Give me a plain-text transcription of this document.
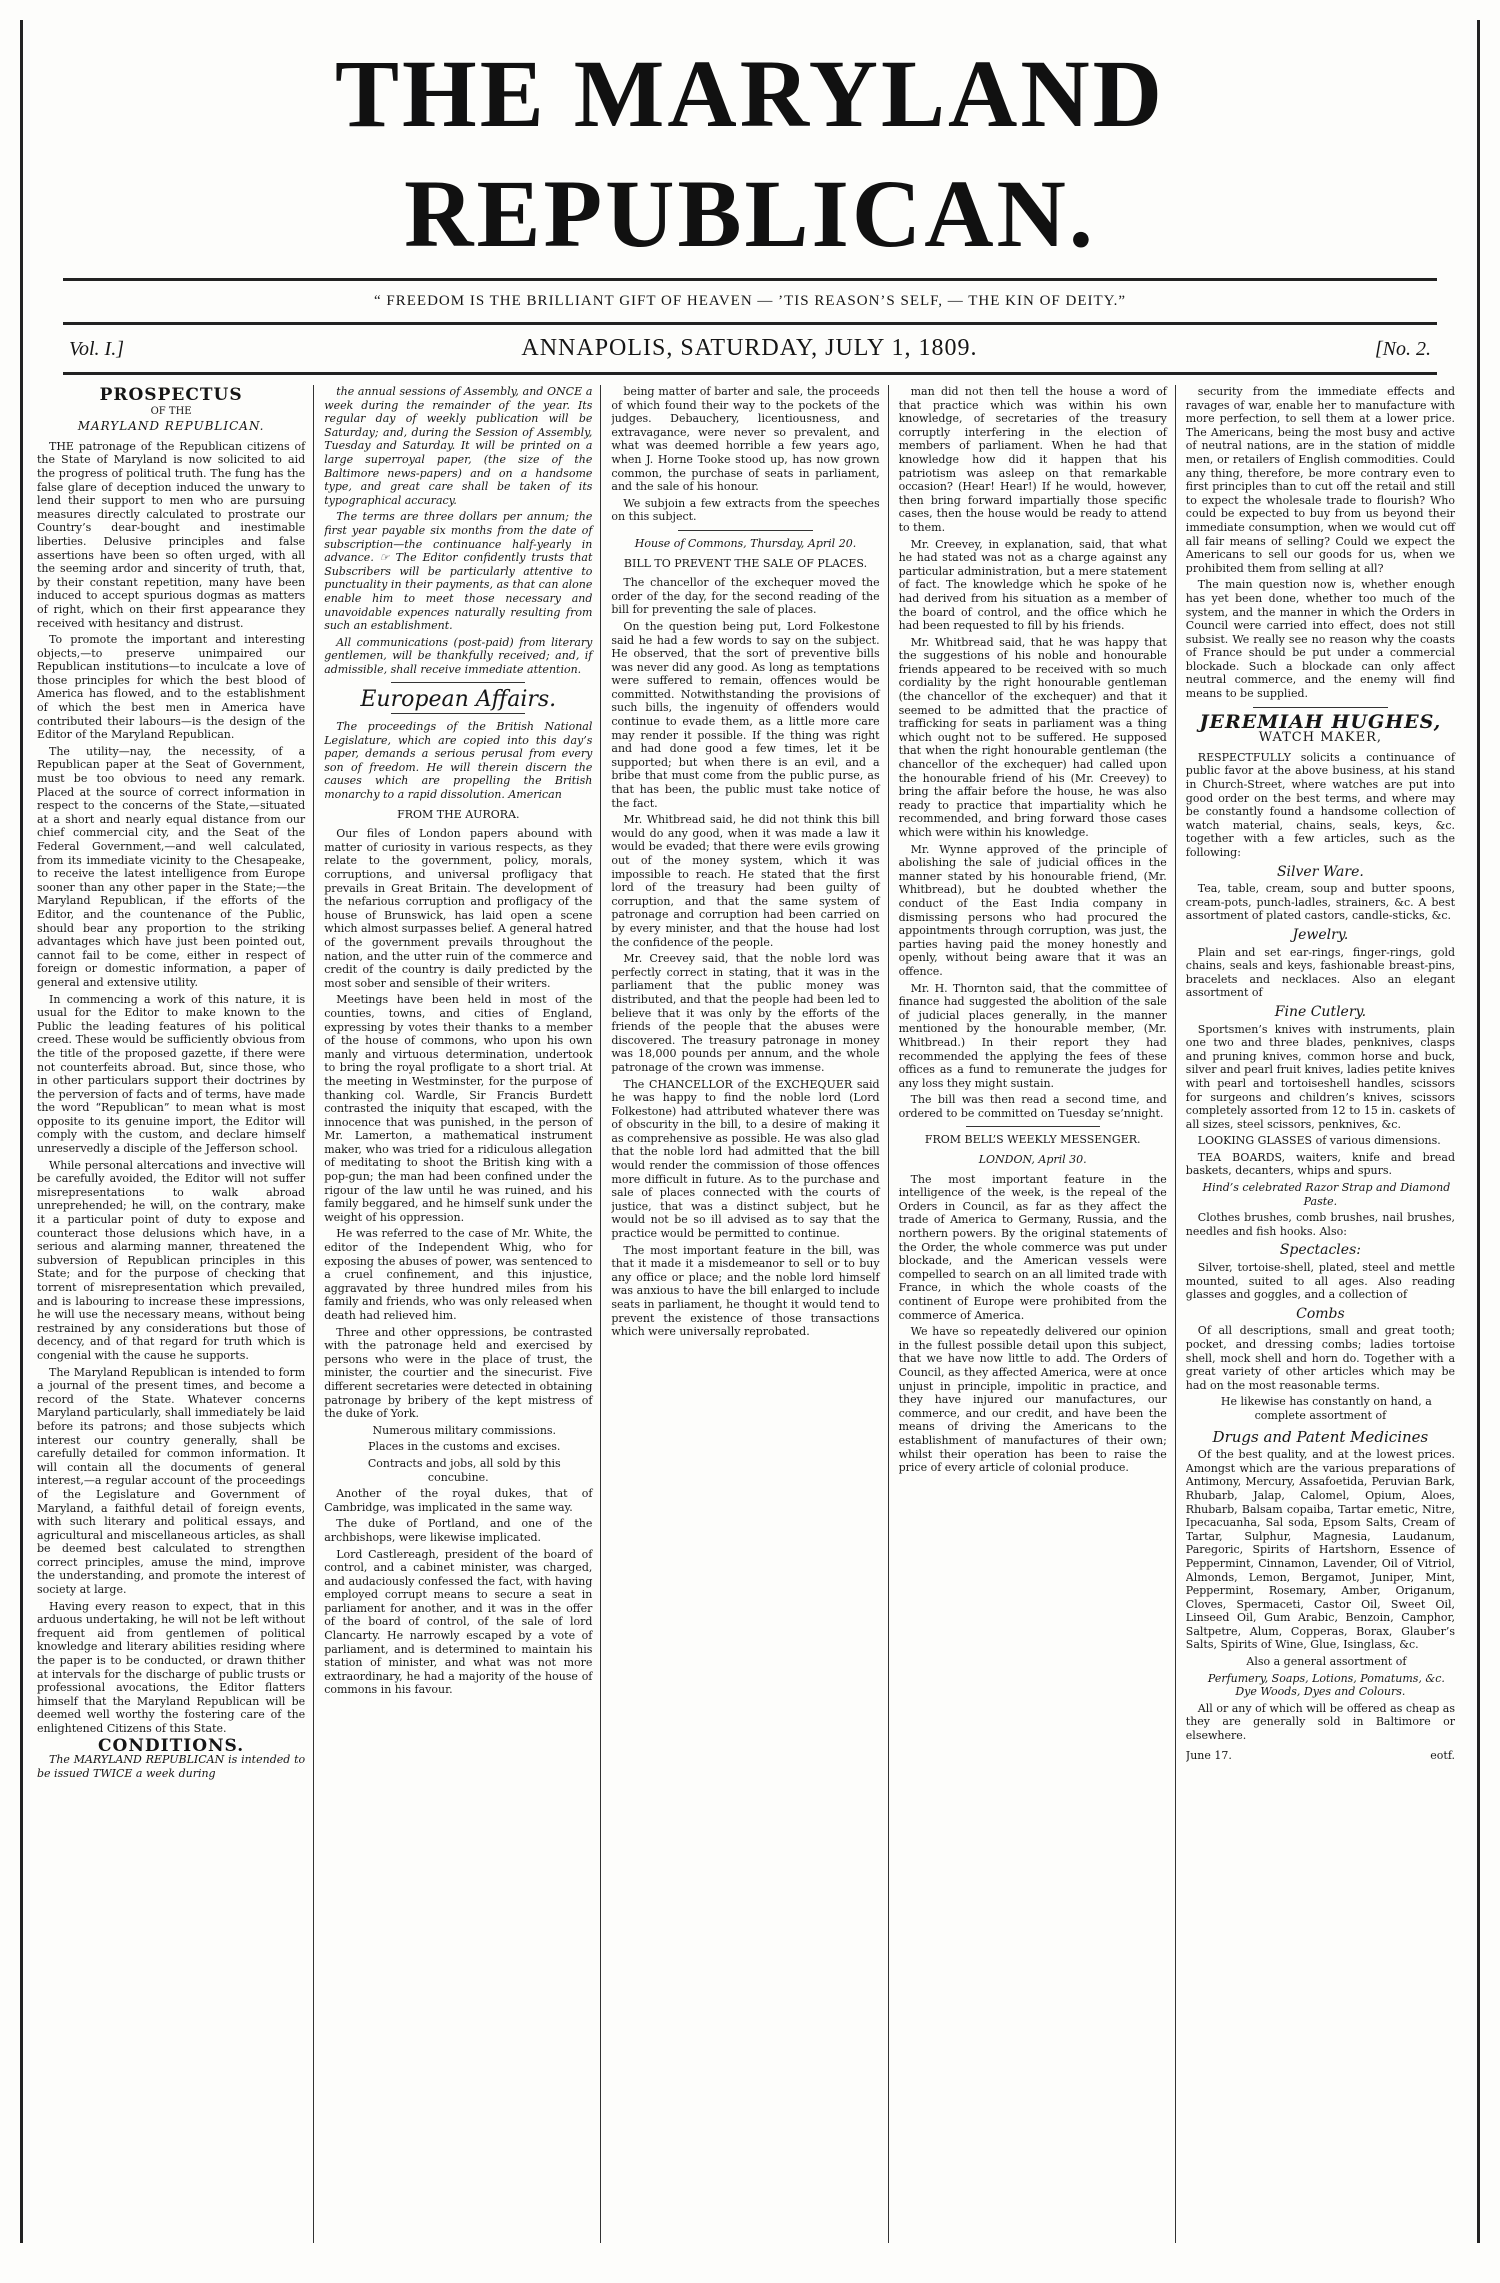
THE MARYLAND REPUBLICAN.
“ FREEDOM IS THE BRILLIANT GIFT OF HEAVEN — ’TIS REASON’S SELF, — THE KIN OF DEITY.”
Vol. I.]	ANNAPOLIS, SATURDAY, JULY 1, 1809.	[No. 2.
PROSPECTUS
OF THE
MARYLAND REPUBLICAN.

THE patronage of the Republican citizens of the State of Maryland is now solicited to aid the progress of political truth. The fung has the false glare of deception induced the unwary to lend their support to men who are pursuing measures directly calculated to prostrate our Country’s dear-bought and inestimable liberties. Delusive principles and false assertions have been so often urged, with all the seeming ardor and sincerity of truth, that, by their constant repetition, many have been induced to accept spurious dogmas as matters of right, which on their first appearance they received with hesitancy and distrust.

To promote the important and interesting objects,—to preserve unimpaired our Republican institutions—to inculcate a love of those principles for which the best blood of America has flowed, and to the establishment of which the best men in America have contributed their labours—is the design of the Editor of the Maryland Republican.

The utility—nay, the necessity, of a Republican paper at the Seat of Government, must be too obvious to need any remark. Placed at the source of correct information in respect to the concerns of the State,—situated at a short and nearly equal distance from our chief commercial city, and the Seat of the Federal Government,—and well calculated, from its immediate vicinity to the Chesapeake, to receive the latest intelligence from Europe sooner than any other paper in the State;—the Maryland Republican, if the efforts of the Editor, and the countenance of the Public, should bear any proportion to the striking advantages which have just been pointed out, cannot fail to be come, either in respect of foreign or domestic information, a paper of general and extensive utility.

In commencing a work of this nature, it is usual for the Editor to make known to the Public the leading features of his political creed. These would be sufficiently obvious from the title of the proposed gazette, if there were not counterfeits abroad. But, since those, who in other particulars support their doctrines by the perversion of facts and of terms, have made the word “Republican” to mean what is most opposite to its genuine import, the Editor will comply with the custom, and declare himself unreservedly a disciple of the Jefferson school.

While personal altercations and invective will be carefully avoided, the Editor will not suffer misrepresentations to walk abroad unreprehended; he will, on the contrary, make it a particular point of duty to expose and counteract those delusions which have, in a serious and alarming manner, threatened the subversion of Republican principles in this State; and for the purpose of checking that torrent of misrepresentation which prevailed, and is labouring to increase these impressions, he will use the necessary means, without being restrained by any considerations but those of decency, and of that regard for truth which is congenial with the cause he supports.

The Maryland Republican is intended to form a journal of the present times, and become a record of the State. Whatever concerns Maryland particularly, shall immediately be laid before its patrons; and those subjects which interest our country generally, shall be carefully detailed for common information. It will contain all the documents of general interest,—a regular account of the proceedings of the Legislature and Government of Maryland, a faithful detail of foreign events, with such literary and political essays, and agricultural and miscellaneous articles, as shall be deemed best calculated to strengthen correct principles, amuse the mind, improve the understanding, and promote the interest of society at large.

Having every reason to expect, that in this arduous undertaking, he will not be left without frequent aid from gentlemen of political knowledge and literary abilities residing where the paper is to be conducted, or drawn thither at intervals for the discharge of public trusts or professional avocations, the Editor flatters himself that the Maryland Republican will be deemed well worthy the fostering care of the enlightened Citizens of this State.

CONDITIONS.

The MARYLAND REPUBLICAN is intended to be issued TWICE a week during

the annual sessions of Assembly, and ONCE a week during the remainder of the year. Its regular day of weekly publication will be Saturday; and, during the Session of Assembly, Tuesday and Saturday. It will be printed on a large superroyal paper, (the size of the Baltimore news-papers) and on a handsome type, and great care shall be taken of its typographical accuracy.

The terms are three dollars per annum; the first year payable six months from the date of subscription—the continuance half-yearly in advance. ☞ The Editor confidently trusts that Subscribers will be particularly attentive to punctuality in their payments, as that can alone enable him to meet those necessary and unavoidable expences naturally resulting from such an establishment.

All communications (post-paid) from literary gentlemen, will be thankfully received; and, if admissible, shall receive immediate attention.

European Affairs.

The proceedings of the British National Legislature, which are copied into this day’s paper, demands a serious perusal from every son of freedom. He will therein discern the causes which are propelling the British monarchy to a rapid dissolution. American

FROM THE AURORA.

Our files of London papers abound with matter of curiosity in various respects, as they relate to the government, policy, morals, corruptions, and universal profligacy that prevails in Great Britain. The development of the nefarious corruption and profligacy of the house of Brunswick, has laid open a scene which almost surpasses belief. A general hatred of the government prevails throughout the nation, and the utter ruin of the commerce and credit of the country is daily predicted by the most sober and sensible of their writers.

Meetings have been held in most of the counties, towns, and cities of England, expressing by votes their thanks to a member of the house of commons, who upon his own manly and virtuous determination, undertook to bring the royal profligate to a short trial. At the meeting in Westminster, for the purpose of thanking col. Wardle, Sir Francis Burdett contrasted the iniquity that escaped, with the innocence that was punished, in the person of Mr. Lamerton, a mathematical instrument maker, who was tried for a ridiculous allegation of meditating to shoot the British king with a pop-gun; the man had been confined under the rigour of the law until he was ruined, and his family beggared, and he himself sunk under the weight of his oppression.

He was referred to the case of Mr. White, the editor of the Independent Whig, who for exposing the abuses of power, was sentenced to a cruel confinement, and this injustice, aggravated by three hundred miles from his family and friends, who was only released when death had relieved him.

Three and other oppressions, be contrasted with the patronage held and exercised by persons who were in the place of trust, the minister, the courtier and the sinecurist. Five different secretaries were detected in obtaining patronage by bribery of the kept mistress of the duke of York.

Numerous military commissions.

Places in the customs and excises.

Contracts and jobs, all sold by this concubine.

Another of the royal dukes, that of Cambridge, was implicated in the same way.

The duke of Portland, and one of the archbishops, were likewise implicated.

Lord Castlereagh, president of the board of control, and a cabinet minister, was charged, and audaciously confessed the fact, with having employed corrupt means to secure a seat in parliament for another, and it was in the offer of the board of control, of the sale of lord Clancarty. He narrowly escaped by a vote of parliament, and is determined to maintain his station of minister, and what was not more extraordinary, he had a majority of the house of commons in his favour.

being matter of barter and sale, the proceeds of which found their way to the pockets of the judges. Debauchery, licentiousness, and extravagance, were never so prevalent, and what was deemed horrible a few years ago, when J. Horne Tooke stood up, has now grown common, the purchase of seats in parliament, and the sale of his honour.

We subjoin a few extracts from the speeches on this subject.

House of Commons, Thursday, April 20.
BILL TO PREVENT THE SALE OF PLACES.

The chancellor of the exchequer moved the order of the day, for the second reading of the bill for preventing the sale of places.

On the question being put, Lord Folkestone said he had a few words to say on the subject. He observed, that the sort of preventive bills was never did any good. As long as temptations were suffered to remain, offences would be committed. Notwithstanding the provisions of such bills, the ingenuity of offenders would continue to evade them, as a little more care may render it possible. If the thing was right and had done good a few times, let it be supported; but when there is an evil, and a bribe that must come from the public purse, as that has been, the public must take notice of the fact.

Mr. Whitbread said, he did not think this bill would do any good, when it was made a law it would be evaded; that there were evils growing out of the money system, which it was impossible to reach. He stated that the first lord of the treasury had been guilty of corruption, and that the same system of patronage and corruption had been carried on by every minister, and that the house had lost the confidence of the people.

Mr. Creevey said, that the noble lord was perfectly correct in stating, that it was in the parliament that the public money was distributed, and that the people had been led to believe that it was only by the efforts of the friends of the people that the abuses were discovered. The treasury patronage in money was 18,000 pounds per annum, and the whole patronage of the crown was immense.

The CHANCELLOR of the EXCHEQUER said he was happy to find the noble lord (Lord Folkestone) had attributed whatever there was of obscurity in the bill, to a desire of making it as comprehensive as possible. He was also glad that the noble lord had admitted that the bill would render the commission of those offences more difficult in future. As to the purchase and sale of places connected with the courts of justice, that was a distinct subject, but he would not be so ill advised as to say that the practice would be permitted to continue.

The most important feature in the bill, was that it made it a misdemeanor to sell or to buy any office or place; and the noble lord himself was anxious to have the bill enlarged to include seats in parliament, he thought it would tend to prevent the existence of those transactions which were universally reprobated.

man did not then tell the house a word of that practice which was within his own knowledge, of secretaries of the treasury corruptly interfering in the election of members of parliament. When he had that knowledge how did it happen that his patriotism was asleep on that remarkable occasion? (Hear! Hear!) If he would, however, then bring forward impartially those specific cases, then the house would be ready to attend to them.

Mr. Creevey, in explanation, said, that what he had stated was not as a charge against any particular administration, but a mere statement of fact. The knowledge which he spoke of he had derived from his situation as a member of the board of control, and the office which he had been requested to fill by his friends.

Mr. Whitbread said, that he was happy that the suggestions of his noble and honourable friends appeared to be received with so much cordiality by the right honourable gentleman (the chancellor of the exchequer) and that it seemed to be admitted that the practice of trafficking for seats in parliament was a thing which ought not to be suffered. He supposed that when the right honourable gentleman (the chancellor of the exchequer) had called upon the honourable friend of his (Mr. Creevey) to bring the affair before the house, he was also ready to practice that impartiality which he recommended, and bring forward those cases which were within his knowledge.

Mr. Wynne approved of the principle of abolishing the sale of judicial offices in the manner stated by his honourable friend, (Mr. Whitbread), but he doubted whether the conduct of the East India company in dismissing persons who had procured the appointments through corruption, was just, the parties having paid the money honestly and openly, without being aware that it was an offence.

Mr. H. Thornton said, that the committee of finance had suggested the abolition of the sale of judicial places generally, in the manner mentioned by the honourable member, (Mr. Whitbread.) In their report they had recommended the applying the fees of these offices as a fund to remunerate the judges for any loss they might sustain.

The bill was then read a second time, and ordered to be committed on Tuesday se’nnight.

FROM BELL’S WEEKLY MESSENGER.
LONDON, April 30.

The most important feature in the intelligence of the week, is the repeal of the Orders in Council, as far as they affect the trade of America to Germany, Russia, and the northern powers. By the original statements of the Order, the whole commerce was put under blockade, and the American vessels were compelled to search on an all limited trade with France, in which the whole coasts of the continent of Europe were prohibited from the commerce of America.

We have so repeatedly delivered our opinion in the fullest possible detail upon this subject, that we have now little to add. The Orders of Council, as they affected America, were at once unjust in principle, impolitic in practice, and they have injured our manufactures, our commerce, and our credit, and have been the means of driving the Americans to the establishment of manufactures of their own; whilst their operation has been to raise the price of every article of colonial produce.

security from the immediate effects and ravages of war, enable her to manufacture with more perfection, to sell them at a lower price. The Americans, being the most busy and active of neutral nations, are in the station of middle men, or retailers of English commodities. Could any thing, therefore, be more contrary even to first principles than to cut off the retail and still to expect the wholesale trade to flourish? Who could be expected to buy from us beyond their immediate consumption, when we would cut off all fair means of selling? Could we expect the Americans to sell our goods for us, when we prohibited them from selling at all?

The main question now is, whether enough has yet been done, whether too much of the system, and the manner in which the Orders in Council were carried into effect, does not still subsist. We really see no reason why the coasts of France should be put under a commercial blockade. Such a blockade can only affect neutral commerce, and the enemy will find means to be supplied.

JEREMIAH HUGHES,
WATCH MAKER,

RESPECTFULLY solicits a continuance of public favor at the above business, at his stand in Church-Street, where watches are put into good order on the best terms, and where may be constantly found a handsome collection of watch material, chains, seals, keys, &c. together with a few articles, such as the following:

Silver Ware.

Tea, table, cream, soup and butter spoons, cream-pots, punch-ladles, strainers, &c. A best assortment of plated castors, candle-sticks, &c.

Jewelry.

Plain and set ear-rings, finger-rings, gold chains, seals and keys, fashionable breast-pins, bracelets and necklaces. Also an elegant assortment of

Fine Cutlery.

Sportsmen’s knives with instruments, plain one two and three blades, penknives, clasps and pruning knives, common horse and buck, silver and pearl fruit knives, ladies petite knives with pearl and tortoiseshell handles, scissors for surgeons and children’s knives, scissors completely assorted from 12 to 15 in. caskets of all sizes, steel scissors, penknives, &c.

LOOKING GLASSES of various dimensions.

TEA BOARDS, waiters, knife and bread baskets, decanters, whips and spurs.

Hind’s celebrated Razor Strap and Diamond Paste.

Clothes brushes, comb brushes, nail brushes, needles and fish hooks. Also:

Spectacles:

Silver, tortoise-shell, plated, steel and mettle mounted, suited to all ages. Also reading glasses and goggles, and a collection of

Combs

Of all descriptions, small and great tooth; pocket, and dressing combs; ladies tortoise shell, mock shell and horn do. Together with a great variety of other articles which may be had on the most reasonable terms.

He likewise has constantly on hand, a complete assortment of

Drugs and Patent Medicines

Of the best quality, and at the lowest prices. Amongst which are the various preparations of Antimony, Mercury, Assafoetida, Peruvian Bark, Rhubarb, Jalap, Calomel, Opium, Aloes, Rhubarb, Balsam copaiba, Tartar emetic, Nitre, Ipecacuanha, Sal soda, Epsom Salts, Cream of Tartar, Sulphur, Magnesia, Laudanum, Paregoric, Spirits of Hartshorn, Essence of Peppermint, Cinnamon, Lavender, Oil of Vitriol, Almonds, Lemon, Bergamot, Juniper, Mint, Peppermint, Rosemary, Amber, Origanum, Cloves, Spermaceti, Castor Oil, Sweet Oil, Linseed Oil, Gum Arabic, Benzoin, Camphor, Saltpetre, Alum, Copperas, Borax, Glauber’s Salts, Spirits of Wine, Glue, Isinglass, &c.

Also a general assortment of

Perfumery, Soaps, Lotions, Pomatums, &c. Dye Woods, Dyes and Colours.

All or any of which will be offered as cheap as they are generally sold in Baltimore or elsewhere.

June 17.	eotf.
